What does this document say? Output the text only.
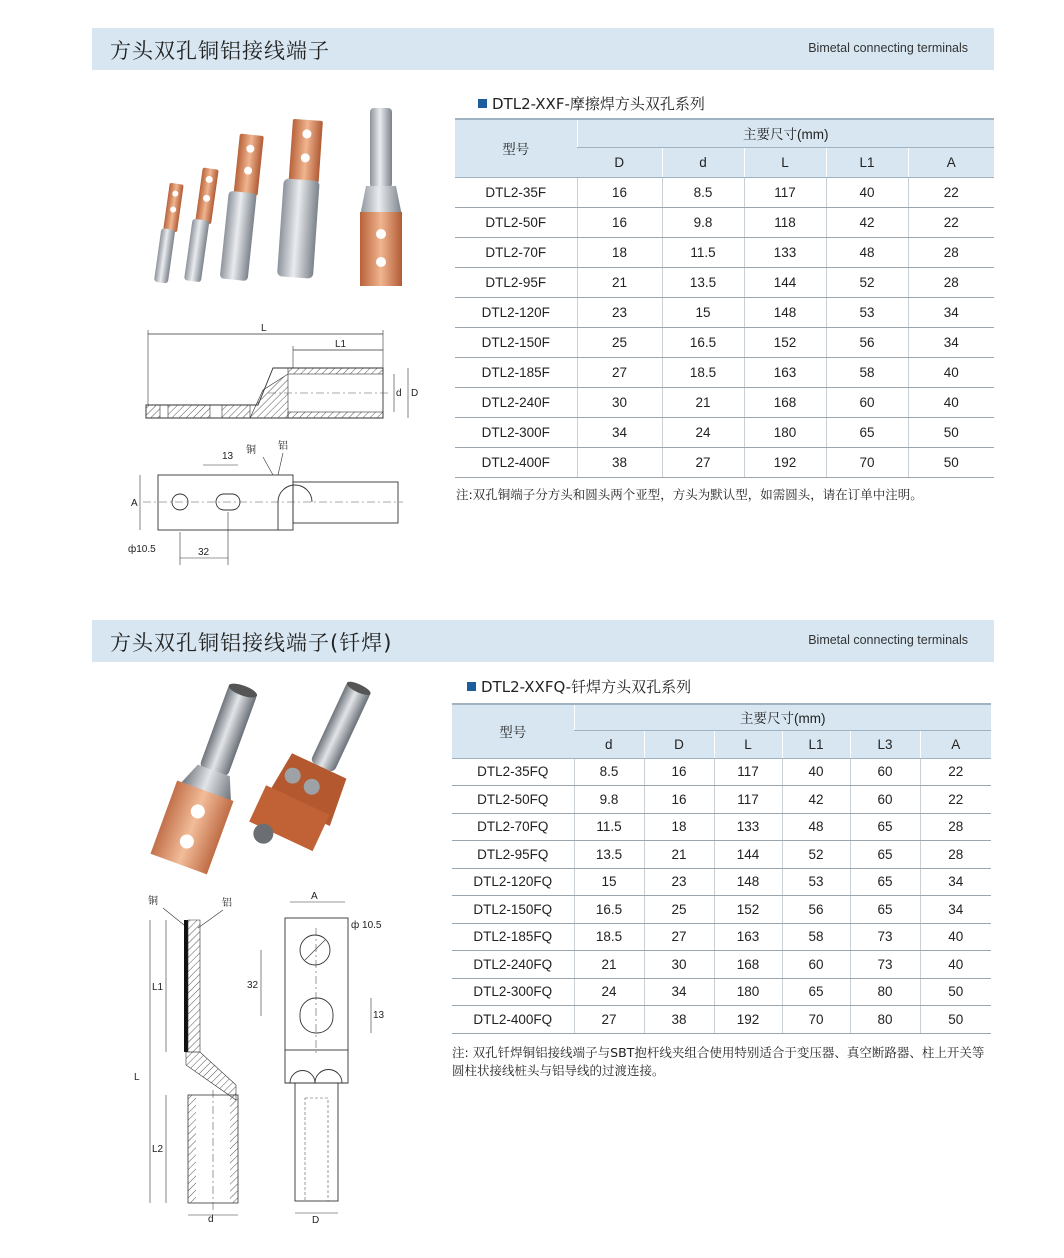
方头双孔铜铝接线端子	Bimetal connecting terminals
L
L1
d D
铜 铝
13
A
ф10.5	32
DTL2-XXF-摩擦焊方头双孔系列
型号	主要尺寸(mm)				
	D	d	L	L1	A
DTL2-35F	16	8.5	117	40	22
DTL2-50F	16	9.8	118	42	22
DTL2-70F	18	11.5	133	48	28
DTL2-95F	21	13.5	144	52	28
DTL2-120F	23	15	148	53	34
DTL2-150F	25	16.5	152	56	34
DTL2-185F	27	18.5	163	58	40
DTL2-240F	30	21	168	60	40
DTL2-300F	34	24	180	65	50
DTL2-400F	38	27	192	70	50
注:双孔铜端子分方头和圆头两个亚型，方头为默认型，如需圆头，请在订单中注明。
方头双孔铜铝接线端子(钎焊)	Bimetal connecting terminals
铜	铝
L
L1
L2
d
A
ф 10.5
32
13
D
DTL2-XXFQ-钎焊方头双孔系列
型号	主要尺寸(mm)					
	d	D	L	L1	L3	A
DTL2-35FQ	8.5	16	117	40	60	22
DTL2-50FQ	9.8	16	117	42	60	22
DTL2-70FQ	11.5	18	133	48	65	28
DTL2-95FQ	13.5	21	144	52	65	28
DTL2-120FQ	15	23	148	53	65	34
DTL2-150FQ	16.5	25	152	56	65	34
DTL2-185FQ	18.5	27	163	58	73	40
DTL2-240FQ	21	30	168	60	73	40
DTL2-300FQ	24	34	180	65	80	50
DTL2-400FQ	27	38	192	70	80	50
注: 双孔钎焊铜铝接线端子与SBT抱杆线夹组合使用特别适合于变压器、真空断路器、柱上开关等圆柱状接线桩头与铝导线的过渡连接。
